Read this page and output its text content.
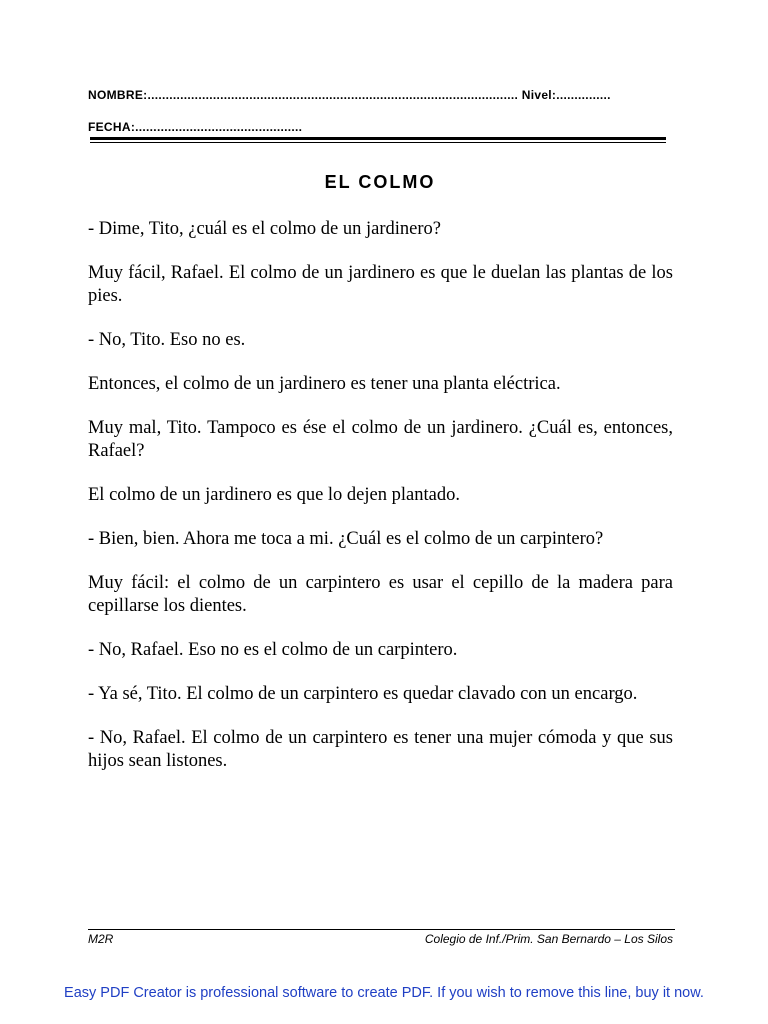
NOMBRE:...................................................................................................... Nivel:...............
FECHA:..............................................
EL COLMO

- Dime, Tito, ¿cuál es el colmo de un jardinero?

Muy fácil, Rafael. El colmo de un jardinero es que le duelan las plantas de los pies.

- No, Tito. Eso no es.

Entonces, el colmo de un jardinero es tener una planta eléctrica.

Muy mal, Tito. Tampoco es ése el colmo de un jardinero. ¿Cuál es, entonces, Rafael?

El colmo de un jardinero es que lo dejen plantado.

- Bien, bien. Ahora me toca a mi. ¿Cuál es el colmo de un carpintero?

Muy fácil: el colmo de un carpintero es usar el cepillo de la madera para cepillarse los dientes.

- No, Rafael. Eso no es el colmo de un carpintero.

- Ya sé, Tito. El colmo de un carpintero es quedar clavado con un encargo.

- No, Rafael. El colmo de un carpintero es tener una mujer cómoda y que sus hijos sean listones.

M2R	Colegio de Inf./Prim. San Bernardo – Los Silos
Easy PDF Creator is professional software to create PDF. If you wish to remove this line, buy it now.
